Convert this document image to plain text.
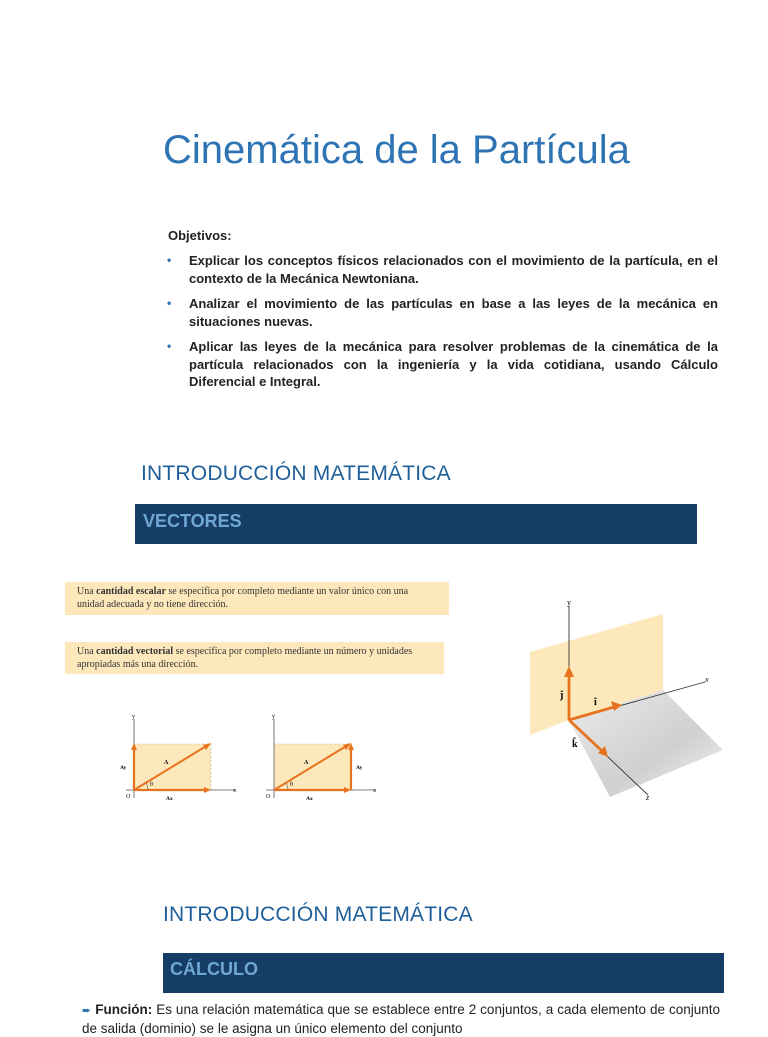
Cinemática de la Partícula
Objetivos:
• Explicar los conceptos físicos relacionados con el movimiento de la partícula, en el contexto de la Mecánica Newtoniana.
• Analizar el movimiento de las partículas en base a las leyes de la mecánica en situaciones nuevas.
• Aplicar las leyes de la mecánica para resolver problemas de la cinemática de la partícula relacionados con la ingeniería y la vida cotidiana, usando Cálculo Diferencial e Integral.
INTRODUCCIÓN MATEMÁTICA
VECTORES
Una cantidad escalar se especifica por completo mediante un valor único con una unidad adecuada y no tiene dirección.
Una cantidad vectorial se especifica por completo mediante un número y unidades apropiadas más una dirección.
y
x
O
A
Ay
Ax
θ
y
x
O
A
Ay
Ax
θ
y
x
z
ĵ
î
k̂
INTRODUCCIÓN MATEMÁTICA
CÁLCULO
➨ Función: Es una relación matemática que se establece entre 2 conjuntos, a cada elemento de conjunto de salida (dominio) se le asigna un único elemento del conjunto
